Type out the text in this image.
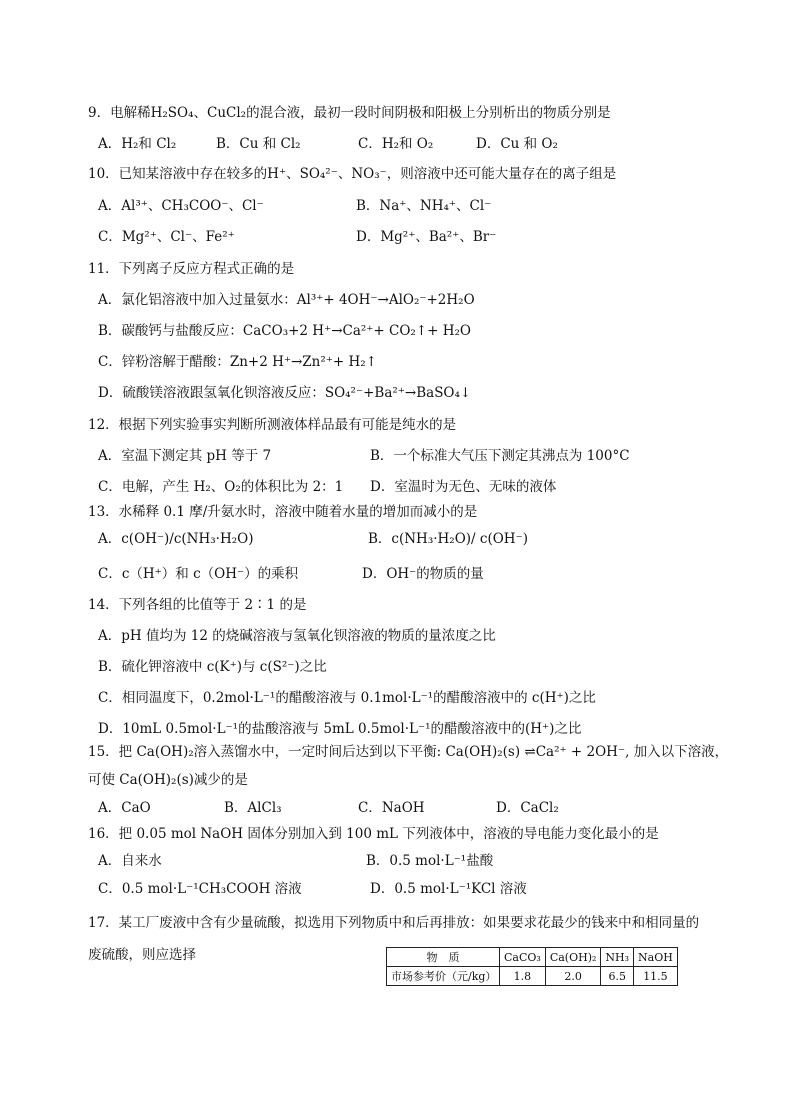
9．电解稀H₂SO₄、CuCl₂的混合液，最初一段时间阴极和阳极上分别析出的物质分别是
A．H₂和 Cl₂	B．Cu 和 Cl₂	C．H₂和 O₂	D．Cu 和 O₂
10．已知某溶液中存在较多的H⁺、SO₄²⁻、NO₃⁻，则溶液中还可能大量存在的离子组是
A．Al³⁺、CH₃COO⁻、Cl⁻	B．Na⁺、NH₄⁺、Cl⁻
C．Mg²⁺、Cl⁻、Fe²⁺	D．Mg²⁺、Ba²⁺、Br⁻
11．下列离子反应方程式正确的是
A．氯化铝溶液中加入过量氨水：Al³⁺+ 4OH⁻→AlO₂⁻+2H₂O
B．碳酸钙与盐酸反应：CaCO₃+2 H⁺→Ca²⁺+ CO₂↑+ H₂O
C．锌粉溶解于醋酸：Zn+2 H⁺→Zn²⁺+ H₂↑
D．硫酸镁溶液跟氢氧化钡溶液反应：SO₄²⁻+Ba²⁺→BaSO₄↓
12．根据下列实验事实判断所测液体样品最有可能是纯水的是
A．室温下测定其 pH 等于 7	B．一个标准大气压下测定其沸点为 100°C
C．电解，产生 H₂、O₂的体积比为 2：1 D．室温时为无色、无味的液体
13．水稀释 0.1 摩/升氨水时，溶液中随着水量的增加而减小的是
A．c(OH⁻)/c(NH₃·H₂O)	B．c(NH₃·H₂O)/ c(OH⁻)
C．c（H⁺）和 c（OH⁻）的乘积	D．OH⁻的物质的量
14．下列各组的比值等于 2∶1 的是
A．pH 值均为 12 的烧碱溶液与氢氧化钡溶液的物质的量浓度之比
B．硫化钾溶液中 c(K⁺)与 c(S²⁻)之比
C．相同温度下，0.2mol·L⁻¹的醋酸溶液与 0.1mol·L⁻¹的醋酸溶液中的 c(H⁺)之比
D．10mL 0.5mol·L⁻¹的盐酸溶液与 5mL 0.5mol·L⁻¹的醋酸溶液中的(H⁺)之比
15．把 Ca(OH)₂溶入蒸馏水中，一定时间后达到以下平衡: Ca(OH)₂(s) ⇌Ca²⁺ + 2OH⁻, 加入以下溶液，
可使 Ca(OH)₂(s)减少的是
A．CaO	B．AlCl₃	C．NaOH	D．CaCl₂
16．把 0.05 mol NaOH 固体分别加入到 100 mL 下列液体中，溶液的导电能力变化最小的是
A．自来水	B．0.5 mol·L⁻¹盐酸
C．0.5 mol·L⁻¹CH₃COOH 溶液	D．0.5 mol·L⁻¹KCl 溶液
17．某工厂废液中含有少量硫酸，拟选用下列物质中和后再排放：如果要求花最少的钱来中和相同量的
废硫酸，则应选择	物　质	CaCO₃	Ca(OH)₂	NH₃	NaOH
市场参考价（元/kg）	1.8	2.0	6.5	11.5
